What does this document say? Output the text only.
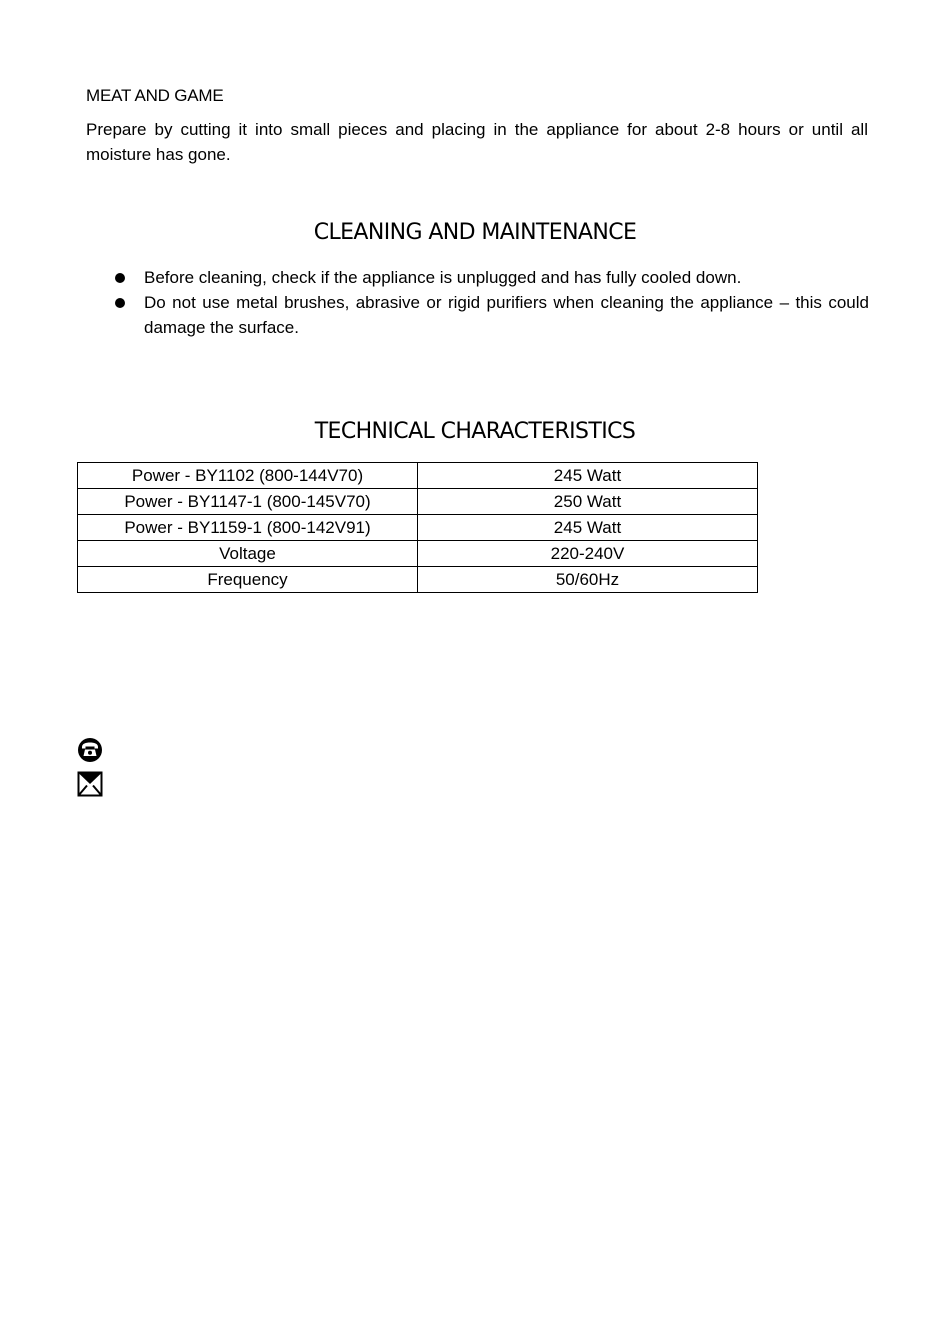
MEAT AND GAME

Prepare by cutting it into small pieces and placing in the appliance for about 2-8 hours or until all moisture has gone.

CLEANING AND MAINTENANCE
Before cleaning, check if the appliance is unplugged and has fully cooled down.
Do not use metal brushes, abrasive or rigid purifiers when cleaning the appliance – this could damage the surface.
TECHNICAL CHARACTERISTICS
Power - BY1102 (800-144V70)	245 Watt
Power - BY1147-1 (800-145V70)	250 Watt
Power - BY1159-1 (800-142V91)	245 Watt
Voltage	220-240V
Frequency	50/60Hz
